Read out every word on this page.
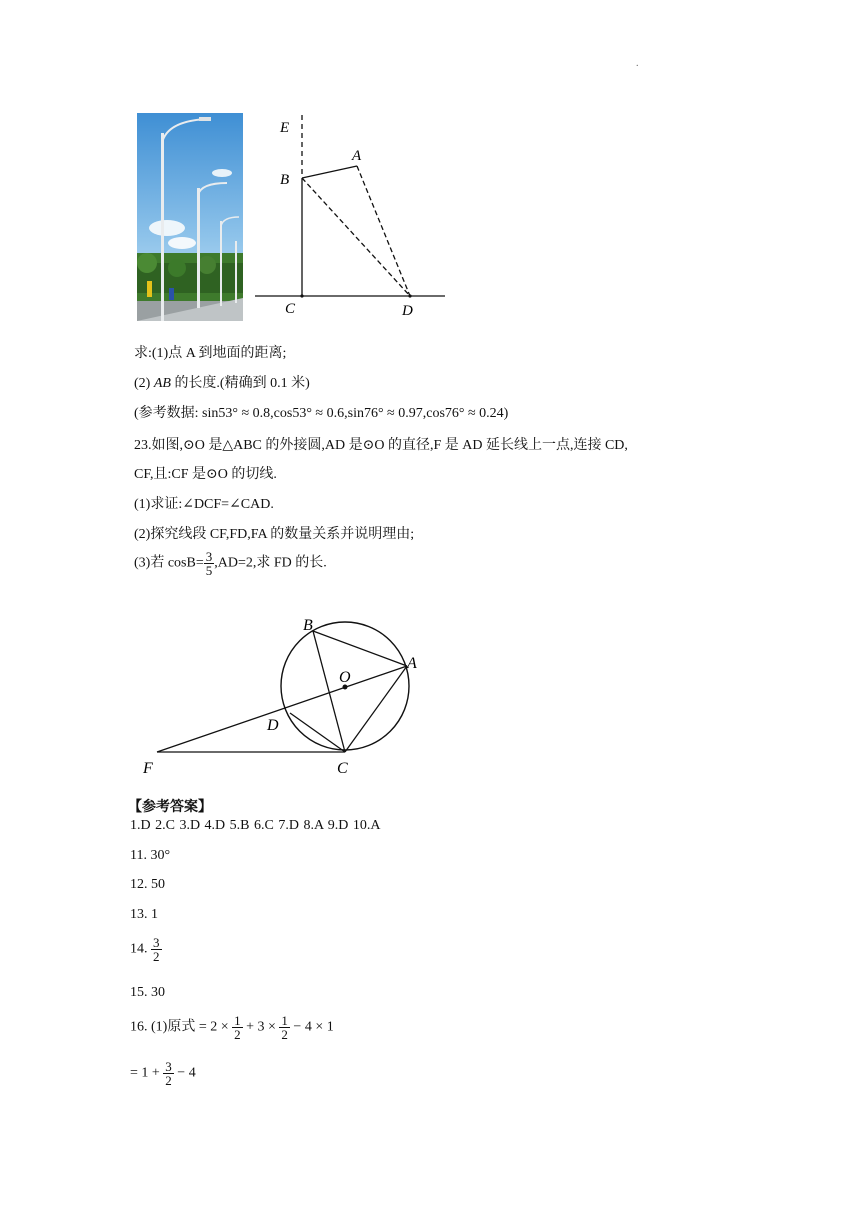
.
E
B
A
C	D
求:(1)点 A 到地面的距离;
(2) AB 的长度.(精确到 0.1 米)
(参考数据: sin53° ≈ 0.8,cos53° ≈ 0.6,sin76° ≈ 0.97,cos76° ≈ 0.24)
23.如图,⊙O 是△ABC 的外接圆,AD 是⊙O 的直径,F 是 AD 延长线上一点,连接 CD,
CF,且:CF 是⊙O 的切线.
(1)求证:∠DCF=∠CAD.
(2)探究线段 CF,FD,FA 的数量关系并说明理由;
(3)若 $\cos B= \frac{3}{5} ,AD=2$,求 FD 的长.
B
A
O
D
F	C
【参考答案】
1.D 2.C 3.D 4.D 5.B 6.C 7.D 8.A 9.D 10.A
11. 30°
12. 50
13. 1
14. $\frac{3}{2}$
15. 30
16. (1)原式 = $2 \times \frac{1}{2} + 3 \times \frac{1}{2} - 4 \times 1$
= $1 + \frac{3}{2} - 4$
